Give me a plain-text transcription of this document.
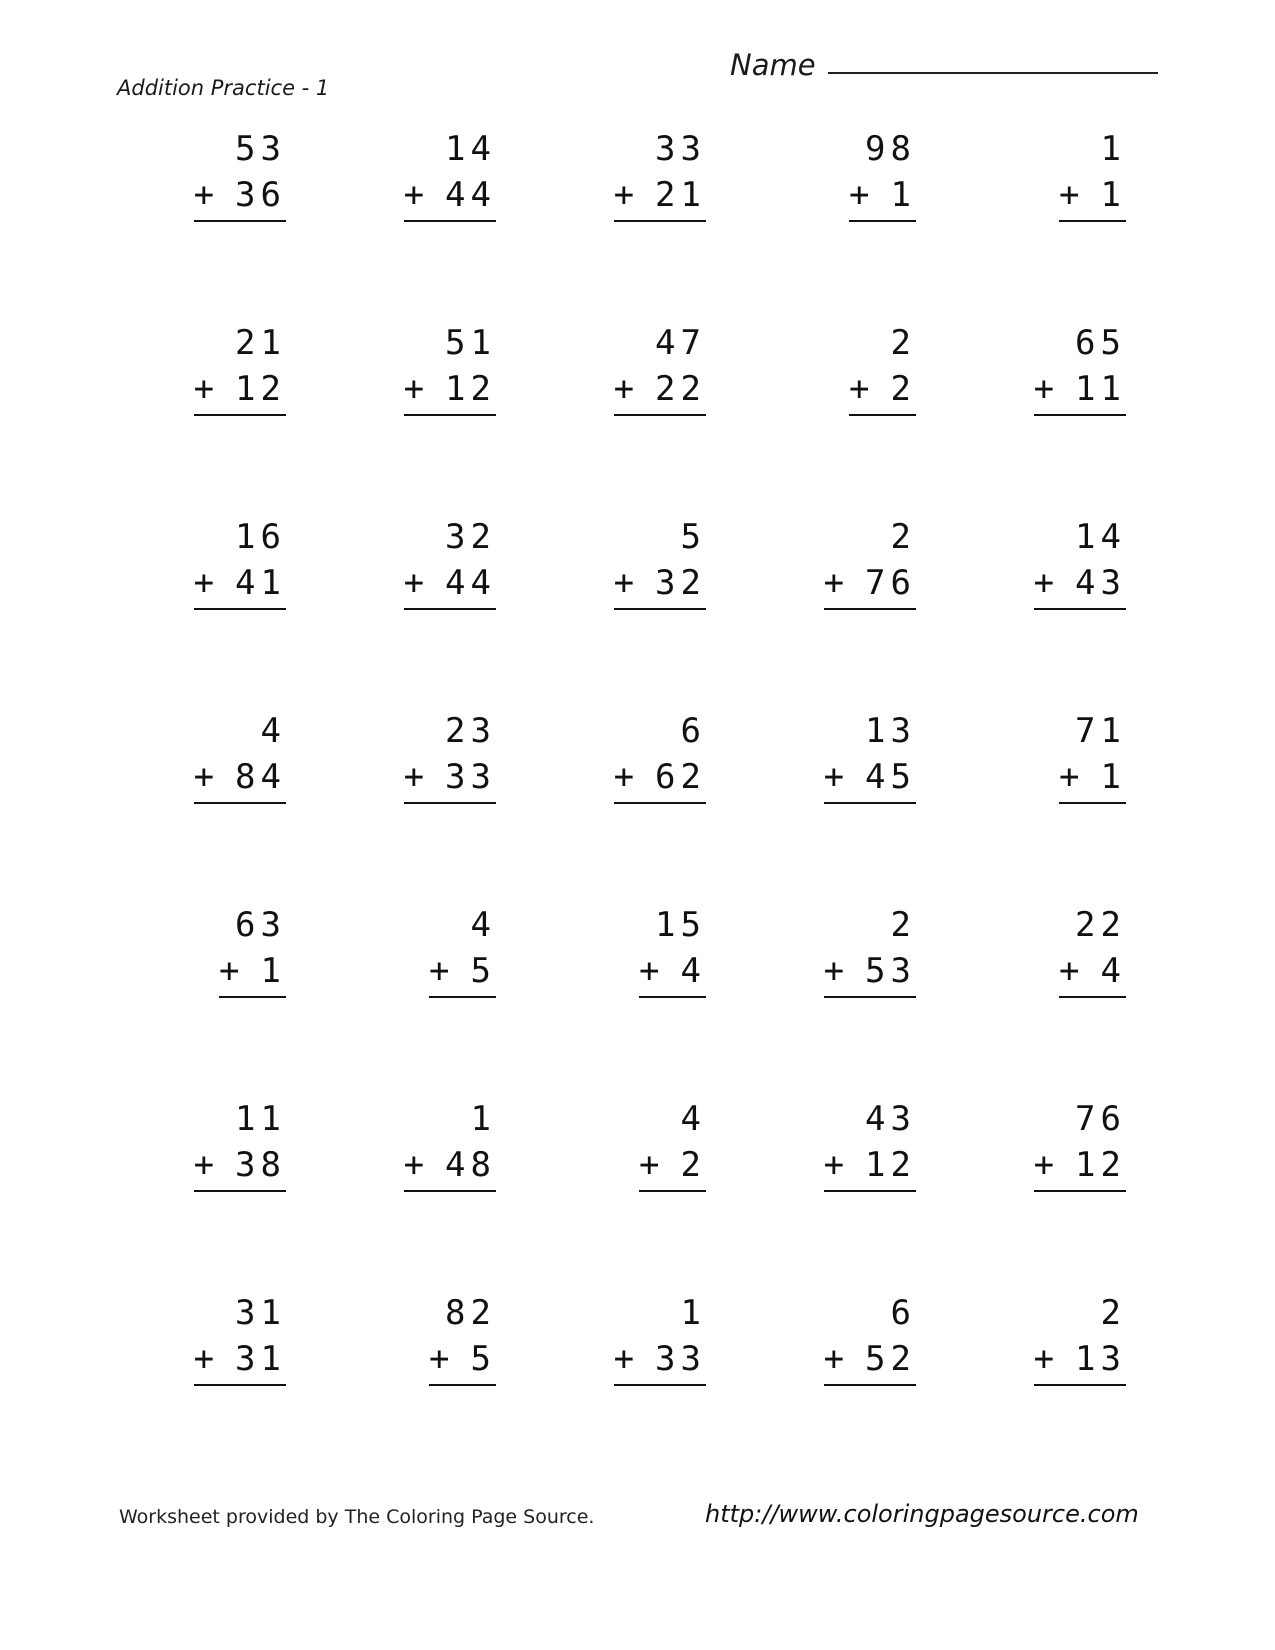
Addition Practice - 1
Name
53
+ 36
14
+ 44
33
+ 21
98
+ 1
1
+ 1
21
+ 12
51
+ 12
47
+ 22
2
+ 2
65
+ 11
16
+ 41
32
+ 44
5
+ 32
2
+ 76
14
+ 43
4
+ 84
23
+ 33
6
+ 62
13
+ 45
71
+ 1
63
+ 1
4
+ 5
15
+ 4
2
+ 53
22
+ 4
11
+ 38
1
+ 48
4
+ 2
43
+ 12
76
+ 12
31
+ 31
82
+ 5
1
+ 33
6
+ 52
2
+ 13
Worksheet provided by The Coloring Page Source.	http://www.coloringpagesource.com
